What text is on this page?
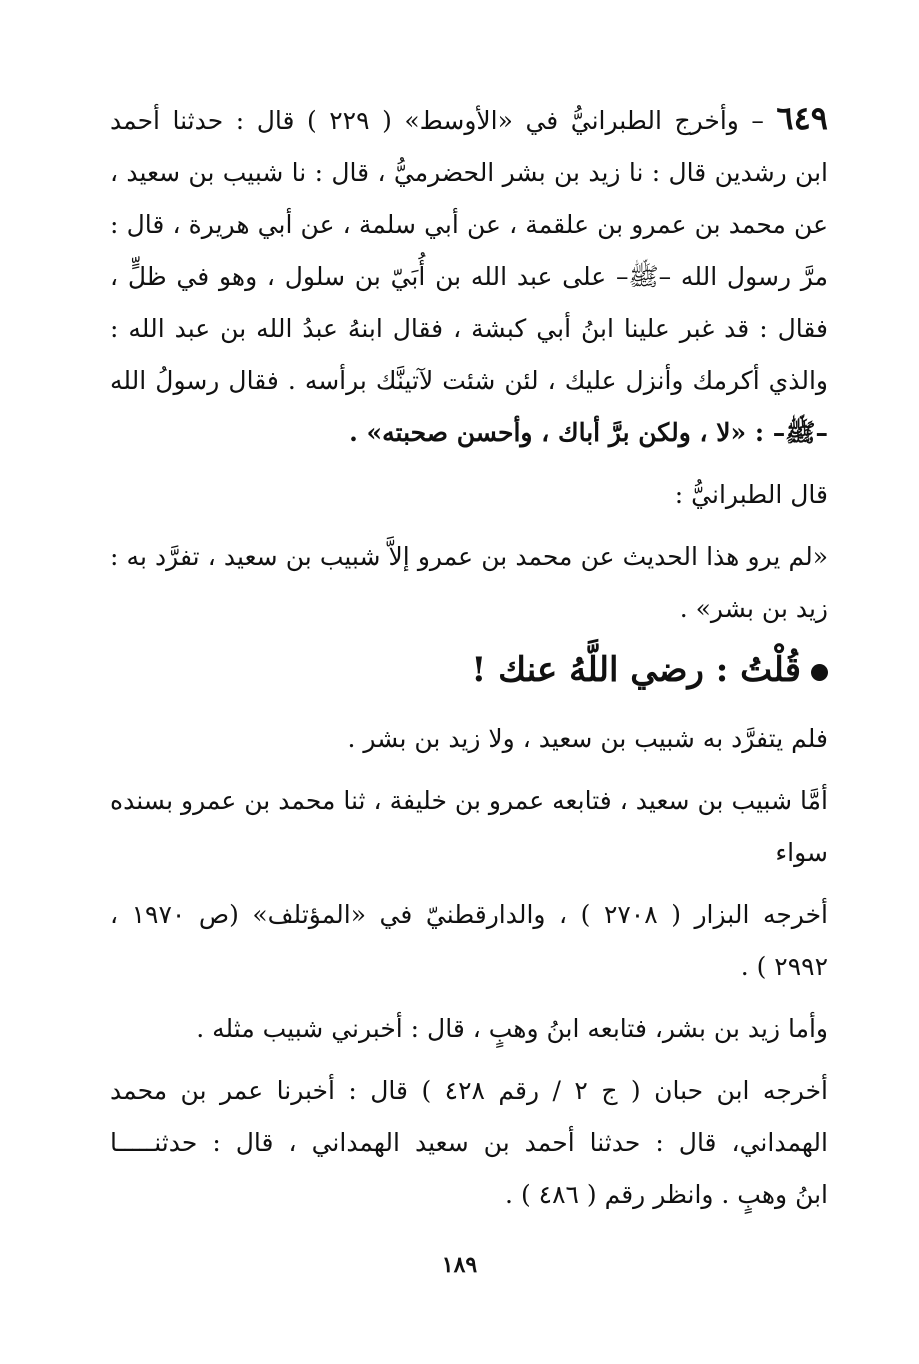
٦٤٩ – وأخرج الطبرانيُّ في «الأوسط» ( ٢٢٩ ) قال : حدثنا أحمد
ابن رشدين قال : نا زيد بن بشر الحضرميُّ ، قال : نا شبيب بن سعيد ،
عن محمد بن عمرو بن علقمة ، عن أبي سلمة ، عن أبي هريرة ، قال :
مرَّ رسول الله –ﷺ– على عبد الله بن أُبَيّ بن سلول ، وهو في ظلٍّ ،
فقال : قد غبر علينا ابنُ أبي كبشة ، فقال ابنهُ عبدُ الله بن عبد الله :
والذي أكرمك وأنزل عليك ، لئن شئت لآتينَّك برأسه . فقال رسولُ الله
–ﷺ– : «لا ، ولكن برَّ أباك ، وأحسن صحبته» .
قال الطبرانيُّ :
«لم يرو هذا الحديث عن محمد بن عمرو إلاَّ شبيب بن سعيد ، تفرَّد به :
زيد بن بشر» .
قُلْتُ : رضي اللَّهُ عنك !
فلم يتفرَّد به شبيب بن سعيد ، ولا زيد بن بشر .
أمَّا شبيب بن سعيد ، فتابعه عمرو بن خليفة ، ثنا محمد بن عمرو بسنده
سواء
أخرجه البزار ( ٢٧٠٨ ) ، والدارقطنيّ في «المؤتلف» (ص ١٩٧٠ ،
٢٩٩٢ ) .
وأما زيد بن بشر، فتابعه ابنُ وهبٍ ، قال : أخبرني شبيب مثله .
أخرجه ابن حبان ( ج ٢ / رقم ٤٢٨ ) قال : أخبرنا عمر بن محمد
الهمداني، قال : حدثنا أحمد بن سعيد الهمداني ، قال : حدثنـــــا
ابنُ وهبٍ . وانظر رقم ( ٤٨٦ ) .
١٨٩
